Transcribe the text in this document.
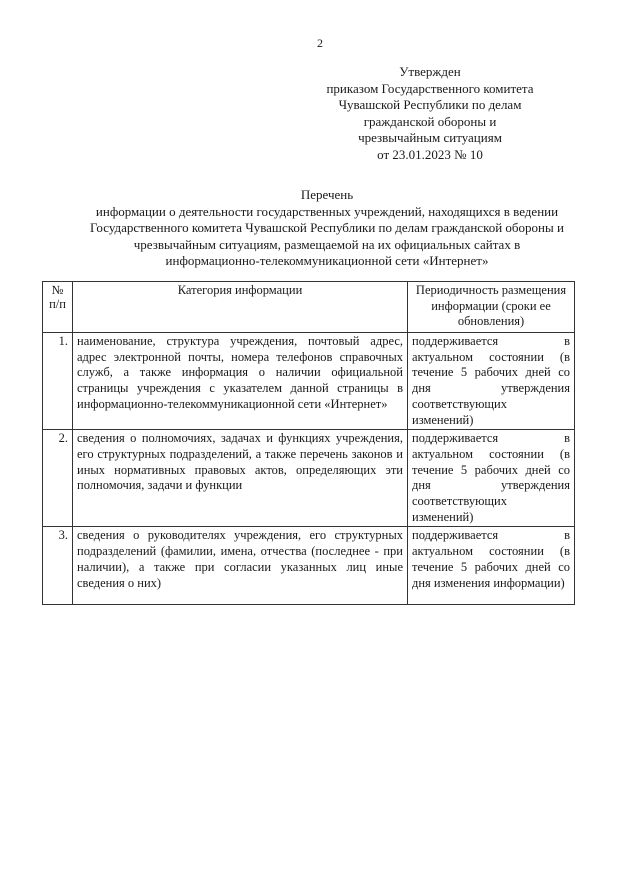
2
Утвержден
приказом Государственного комитета
Чувашской Республики по делам
гражданской обороны и
чрезвычайным ситуациям
от 23.01.2023 № 10
Перечень
информации о деятельности государственных учреждений, находящихся в ведении
Государственного комитета Чувашской Республики по делам гражданской обороны и
чрезвычайным ситуациям, размещаемой на их официальных сайтах в
информационно-телекоммуникационной сети «Интернет»
№ п/п	Категория информации	Периодичность размещения информации (сроки ее обновления)
1.	наименование, структура учреждения, почтовый адрес, адрес электронной почты, номера телефонов справочных служб, а также информация о наличии официальной страницы учреждения с указателем данной страницы в информационно-телекоммуникационной сети «Интернет»	поддерживается в актуальном состоянии (в течение 5 рабочих дней со дня утверждения соответствующих изменений)
2.	сведения о полномочиях, задачах и функциях учреждения, его структурных подразделений, а также перечень законов и иных нормативных правовых актов, определяющих эти полномочия, задачи и функции	поддерживается в актуальном состоянии (в течение 5 рабочих дней со дня утверждения соответствующих изменений)
3.	сведения о руководителях учреждения, его структурных подразделений (фамилии, имена, отчества (последнее - при наличии), а также при согласии указанных лиц иные сведения о них)	поддерживается в актуальном состоянии (в течение 5 рабочих дней со дня изменения информации)
